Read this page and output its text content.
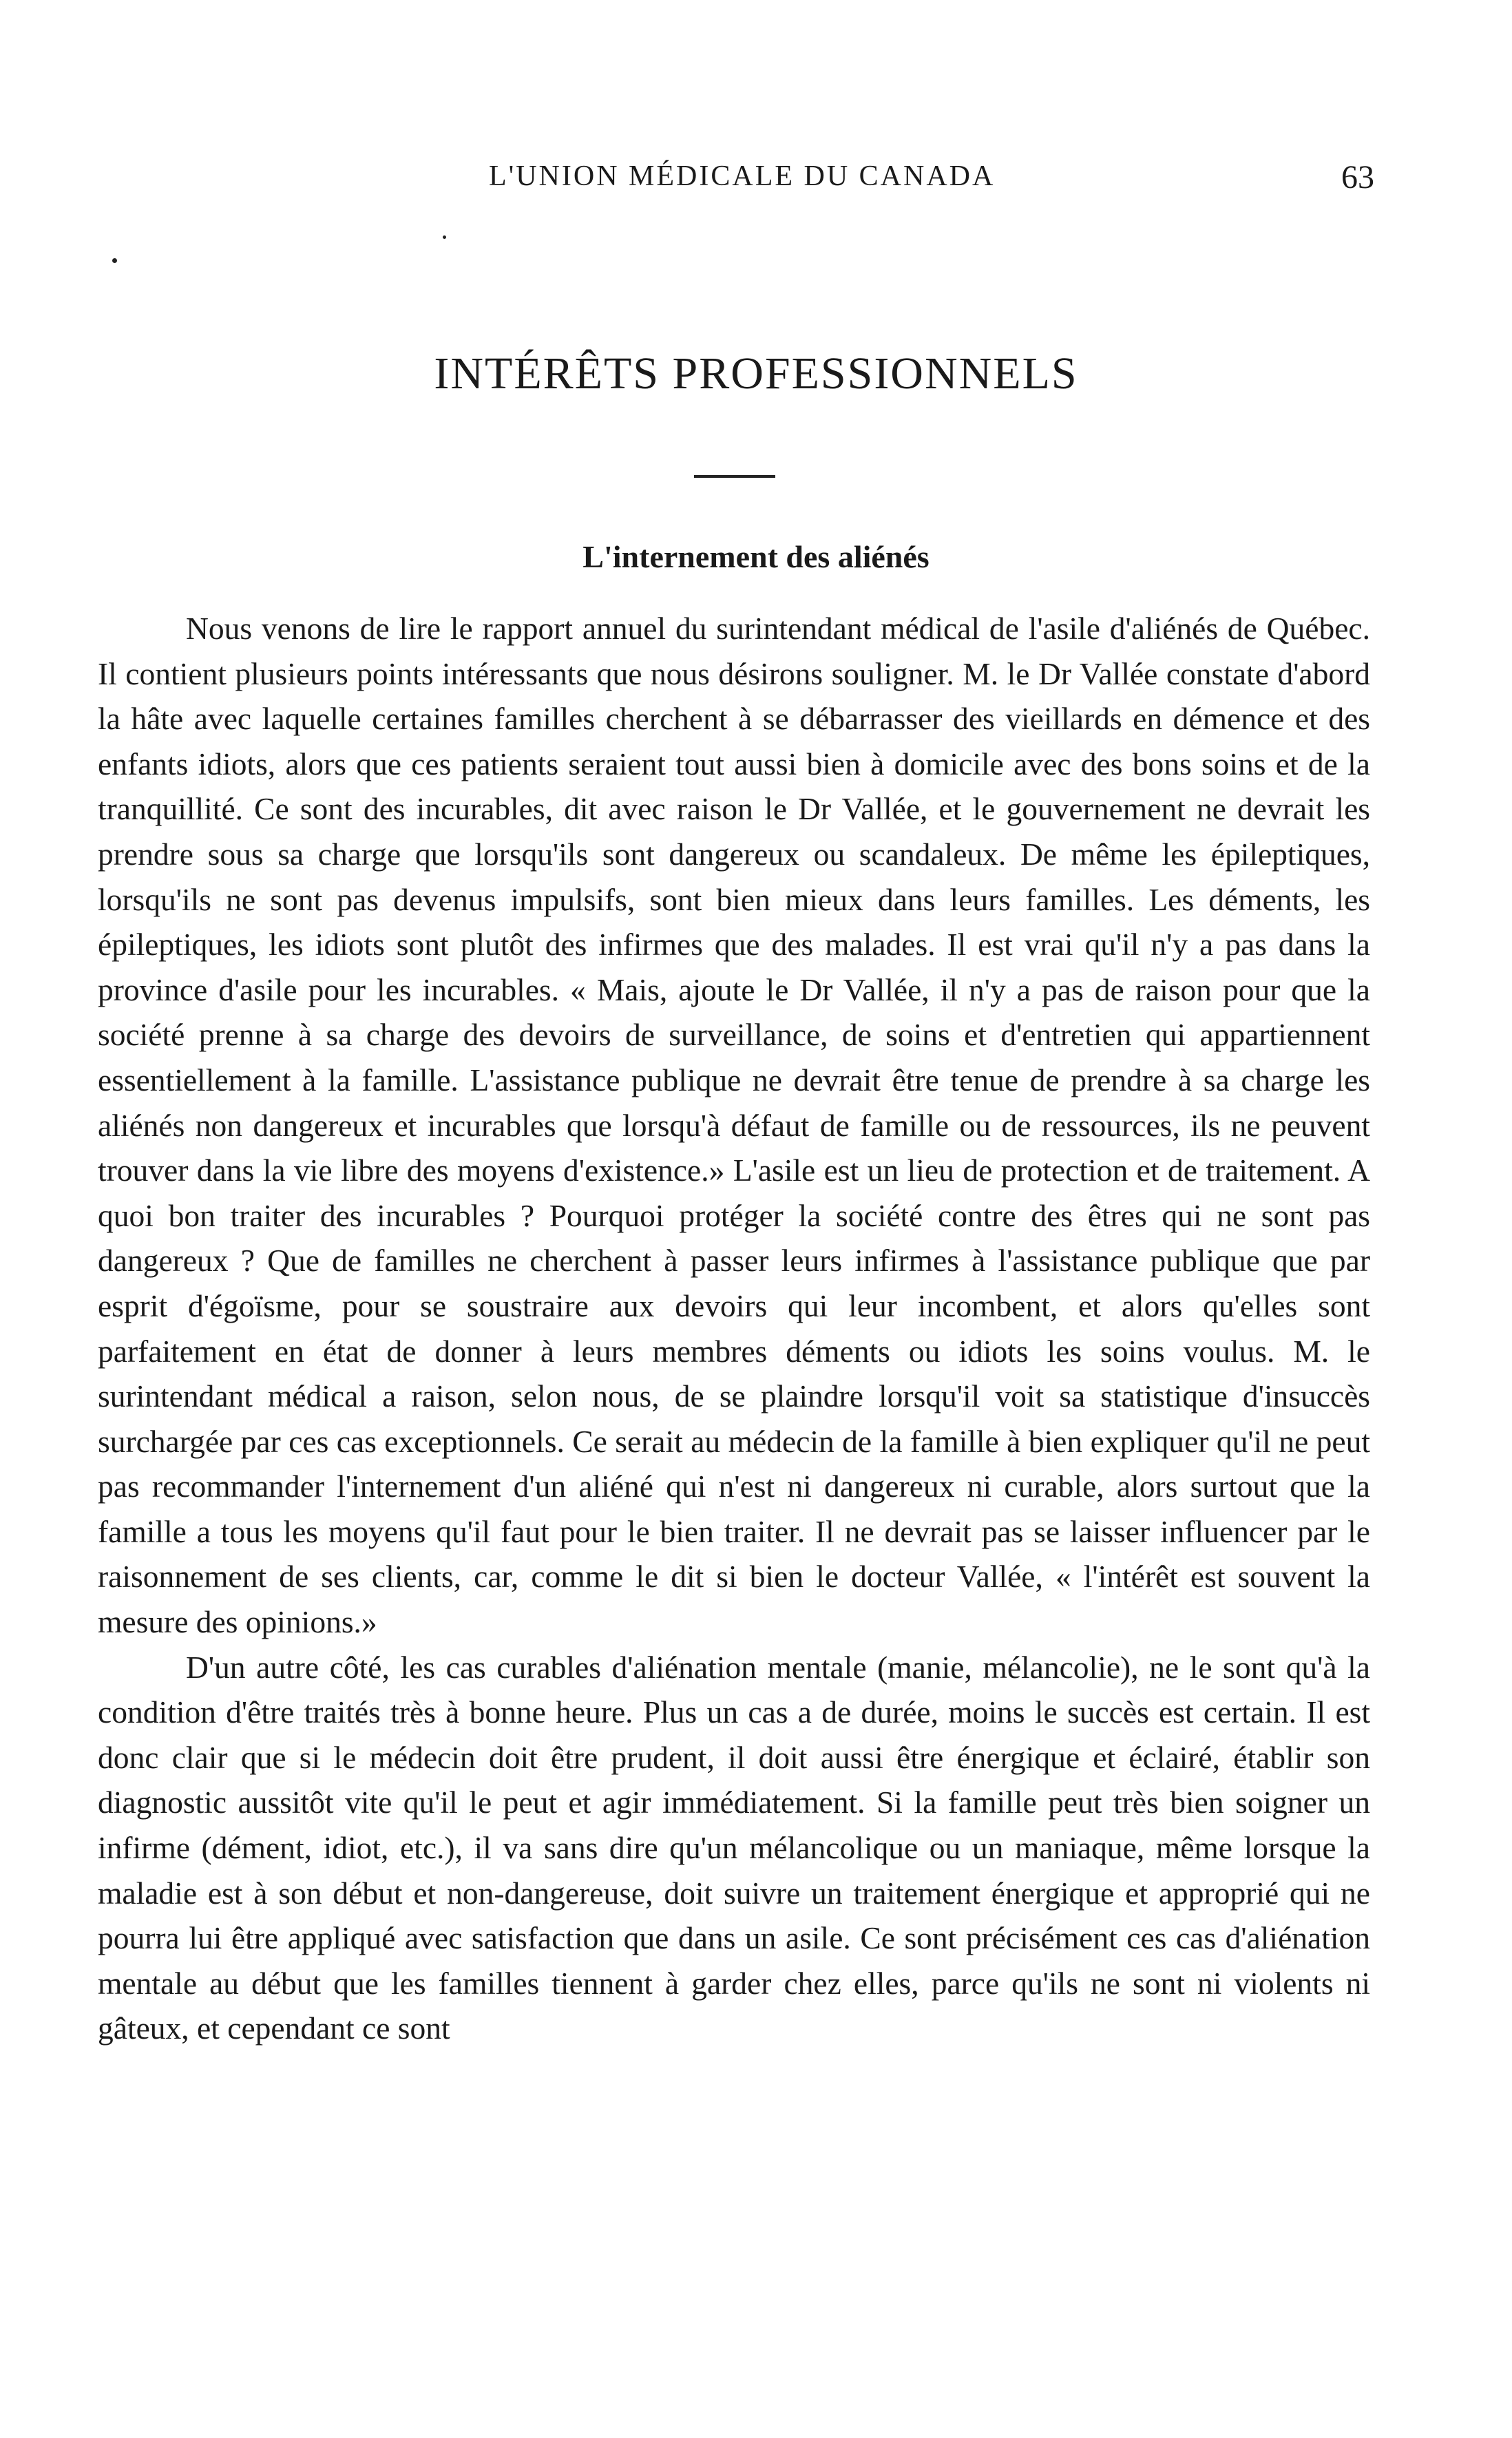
L'UNION MÉDICALE DU CANADA	63
INTÉRÊTS PROFESSIONNELS
L'internement des aliénés

Nous venons de lire le rapport annuel du surintendant médical de l'asile d'aliénés de Québec. Il contient plusieurs points intéressants que nous désirons souligner. M. le Dr Vallée constate d'abord la hâte avec laquelle certaines familles cherchent à se débarrasser des vieillards en démence et des enfants idiots, alors que ces patients seraient tout aussi bien à domicile avec des bons soins et de la tranquillité. Ce sont des incurables, dit avec raison le Dr Vallée, et le gouvernement ne devrait les prendre sous sa charge que lorsqu'ils sont dangereux ou scandaleux. De même les épileptiques, lorsqu'ils ne sont pas devenus impulsifs, sont bien mieux dans leurs familles. Les déments, les épileptiques, les idiots sont plutôt des infirmes que des malades. Il est vrai qu'il n'y a pas dans la province d'asile pour les incurables. « Mais, ajoute le Dr Vallée, il n'y a pas de raison pour que la société prenne à sa charge des devoirs de surveillance, de soins et d'entretien qui appartiennent essentiellement à la famille. L'assistance publique ne devrait être tenue de prendre à sa charge les aliénés non dangereux et incurables que lorsqu'à défaut de famille ou de ressources, ils ne peuvent trouver dans la vie libre des moyens d'existence.» L'asile est un lieu de protection et de traitement. A quoi bon traiter des incurables ? Pourquoi protéger la société contre des êtres qui ne sont pas dangereux ? Que de familles ne cherchent à passer leurs infirmes à l'assistance publique que par esprit d'égoïsme, pour se soustraire aux devoirs qui leur incombent, et alors qu'elles sont parfaitement en état de donner à leurs membres déments ou idiots les soins voulus. M. le surintendant médical a raison, selon nous, de se plaindre lorsqu'il voit sa statistique d'insuccès surchargée par ces cas exceptionnels. Ce serait au médecin de la famille à bien expliquer qu'il ne peut pas recommander l'internement d'un aliéné qui n'est ni dangereux ni curable, alors surtout que la famille a tous les moyens qu'il faut pour le bien traiter. Il ne devrait pas se laisser influencer par le raisonnement de ses clients, car, comme le dit si bien le docteur Vallée, « l'intérêt est souvent la mesure des opinions.»

D'un autre côté, les cas curables d'aliénation mentale (manie, mélancolie), ne le sont qu'à la condition d'être traités très à bonne heure. Plus un cas a de durée, moins le succès est certain. Il est donc clair que si le médecin doit être prudent, il doit aussi être énergique et éclairé, établir son diagnostic aussitôt vite qu'il le peut et agir immédiatement. Si la famille peut très bien soigner un infirme (dément, idiot, etc.), il va sans dire qu'un mélancolique ou un maniaque, même lorsque la maladie est à son début et non-dangereuse, doit suivre un traitement énergique et approprié qui ne pourra lui être appliqué avec satisfaction que dans un asile. Ce sont précisément ces cas d'aliénation mentale au début que les familles tiennent à garder chez elles, parce qu'ils ne sont ni violents ni gâteux, et cependant ce sont
